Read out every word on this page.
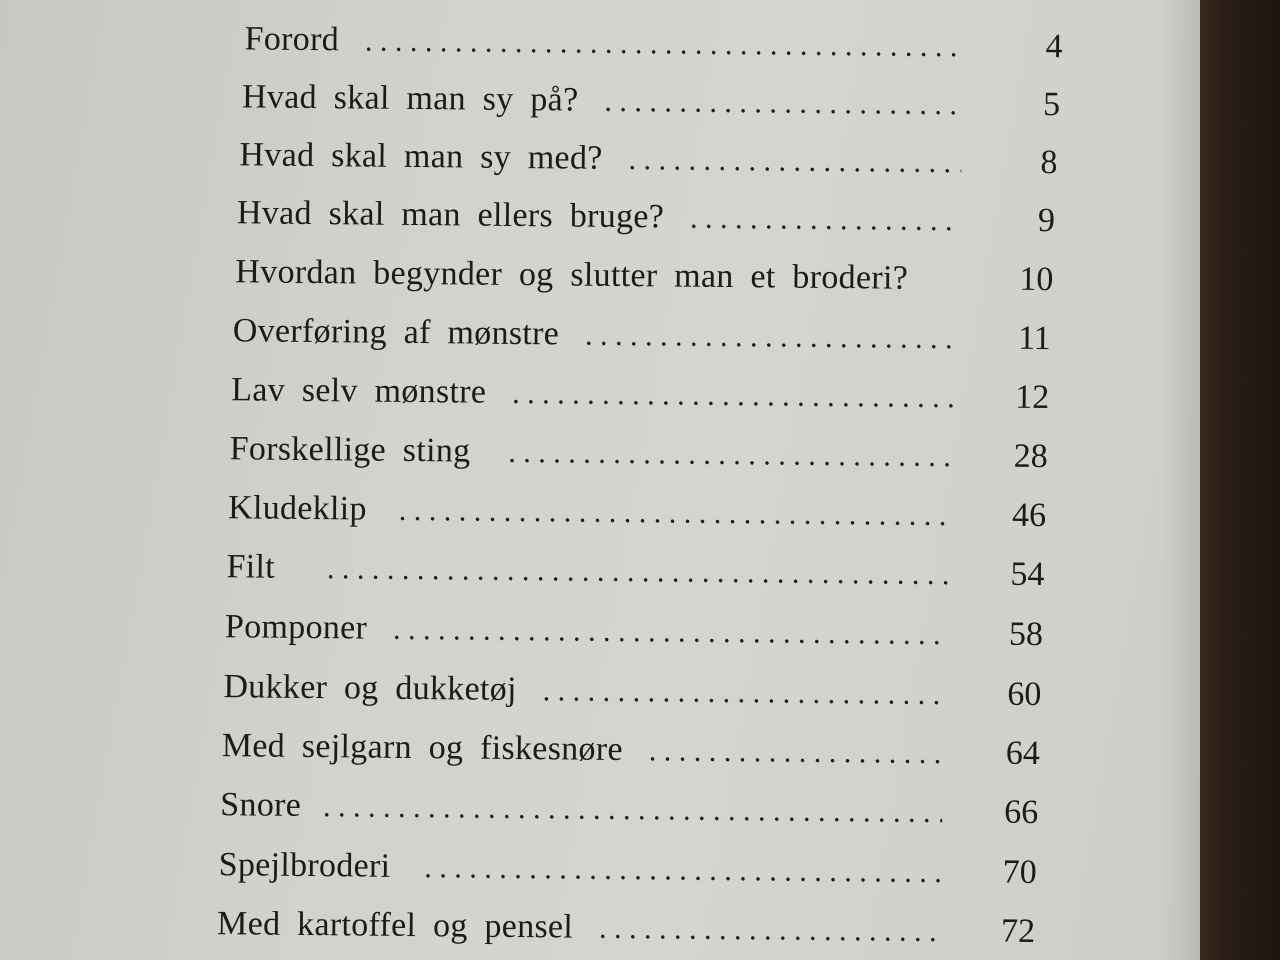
Forord . . .	4
Hvad skal man sy på? . . .	5
Hvad skal man sy med? . . .	8
Hvad skal man ellers bruge? . . .	9
Hvordan begynder og slutter man et broderi?	10
Overføring af mønstre . . .	11
Lav selv mønstre . . .	12
Forskellige sting . . .	28
Kludeklip . . .	46
Filt . . .	54
Pomponer . . .	58
Dukker og dukketøj . . .	60
Med sejlgarn og fiskesnøre . . .	64
Snore . . .	66
Spejlbroderi . . .	70
Med kartoffel og pensel . . .	72
